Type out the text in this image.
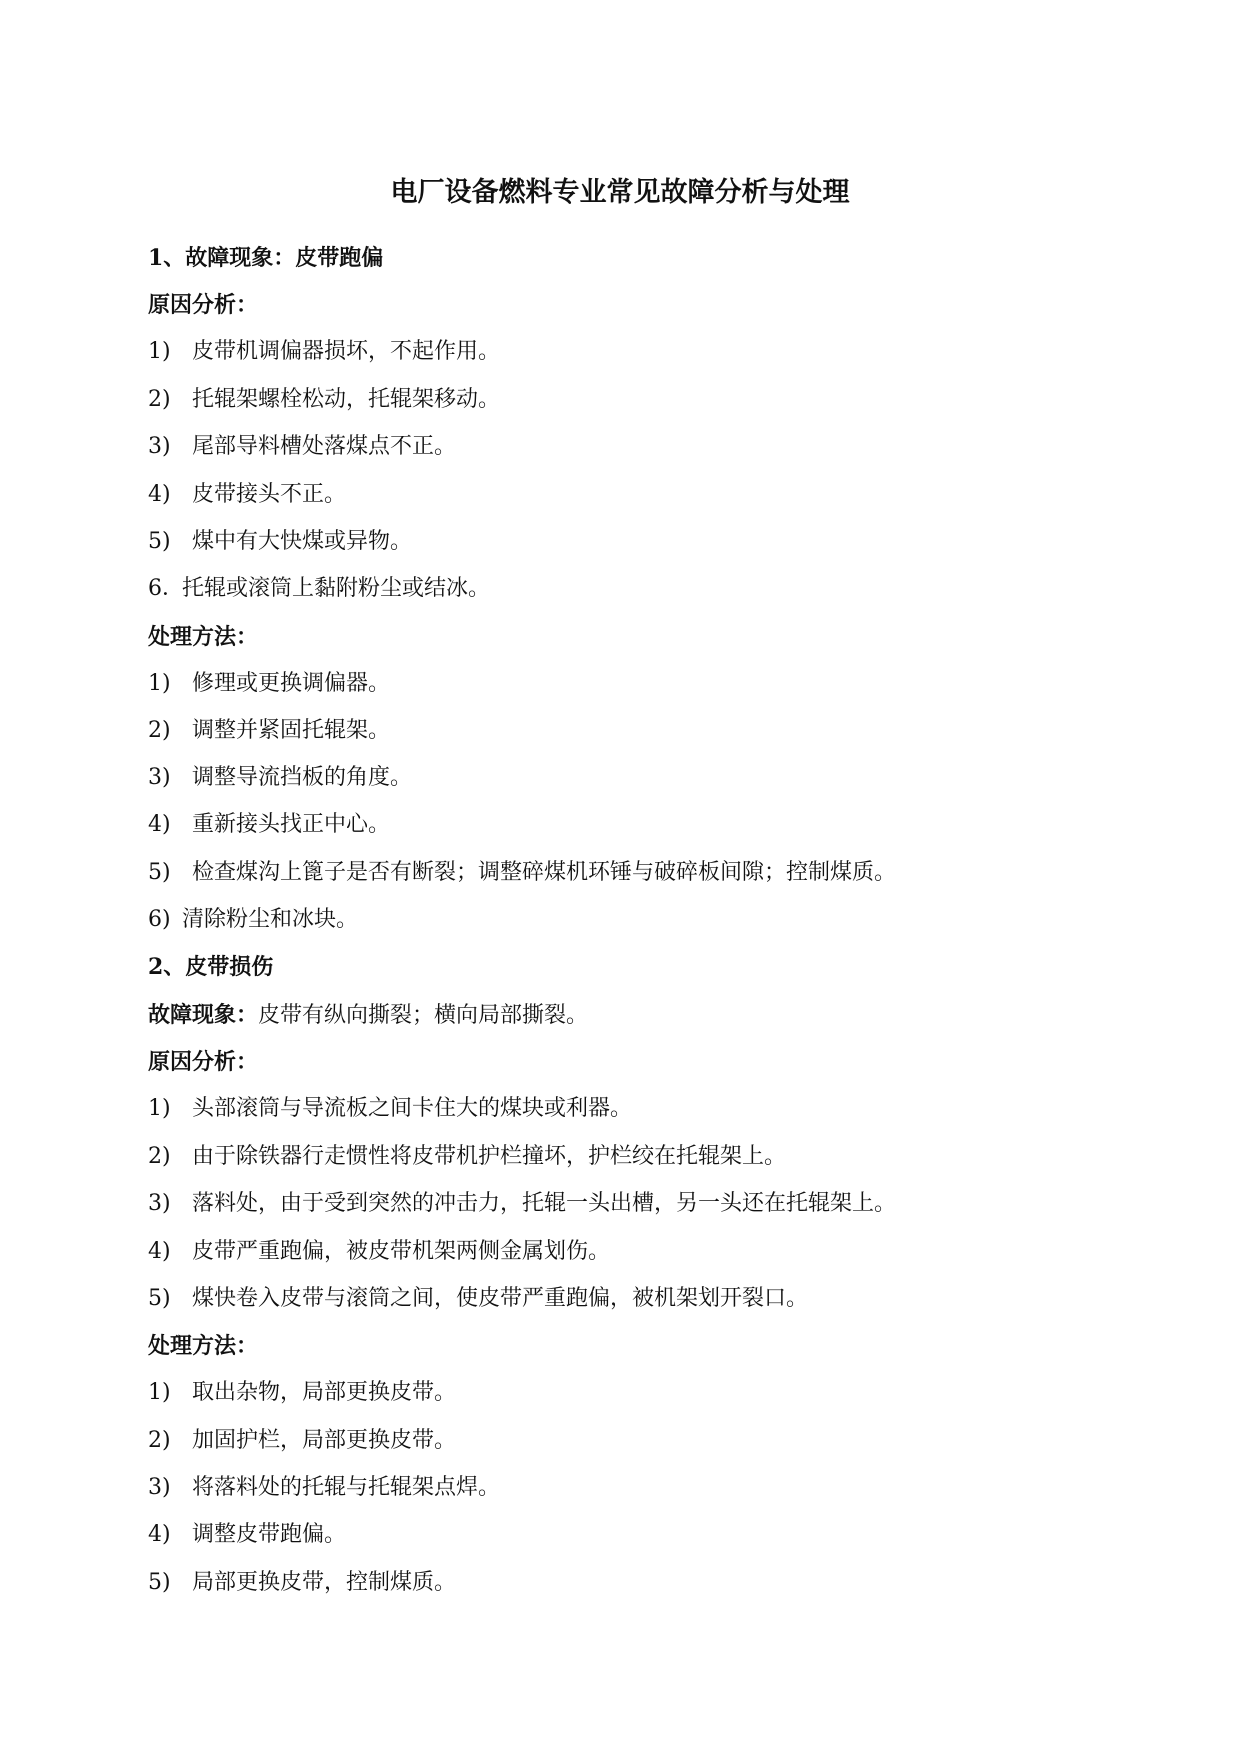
电厂设备燃料专业常见故障分析与处理
1、故障现象：皮带跑偏
原因分析：
1) 皮带机调偏器损坏，不起作用。
2) 托辊架螺栓松动，托辊架移动。
3) 尾部导料槽处落煤点不正。
4) 皮带接头不正。
5) 煤中有大快煤或异物。
6．托辊或滚筒上黏附粉尘或结冰。
处理方法：
1) 修理或更换调偏器。
2) 调整并紧固托辊架。
3) 调整导流挡板的角度。
4) 重新接头找正中心。
5) 检查煤沟上篦子是否有断裂；调整碎煤机环锤与破碎板间隙；控制煤质。
6) 清除粉尘和冰块。
2、皮带损伤
故障现象：皮带有纵向撕裂；横向局部撕裂。
原因分析：
1) 头部滚筒与导流板之间卡住大的煤块或利器。
2) 由于除铁器行走惯性将皮带机护栏撞坏，护栏绞在托辊架上。
3) 落料处，由于受到突然的冲击力，托辊一头出槽，另一头还在托辊架上。
4) 皮带严重跑偏，被皮带机架两侧金属划伤。
5) 煤快卷入皮带与滚筒之间，使皮带严重跑偏，被机架划开裂口。
处理方法：
1) 取出杂物，局部更换皮带。
2) 加固护栏，局部更换皮带。
3) 将落料处的托辊与托辊架点焊。
4) 调整皮带跑偏。
5) 局部更换皮带，控制煤质。
